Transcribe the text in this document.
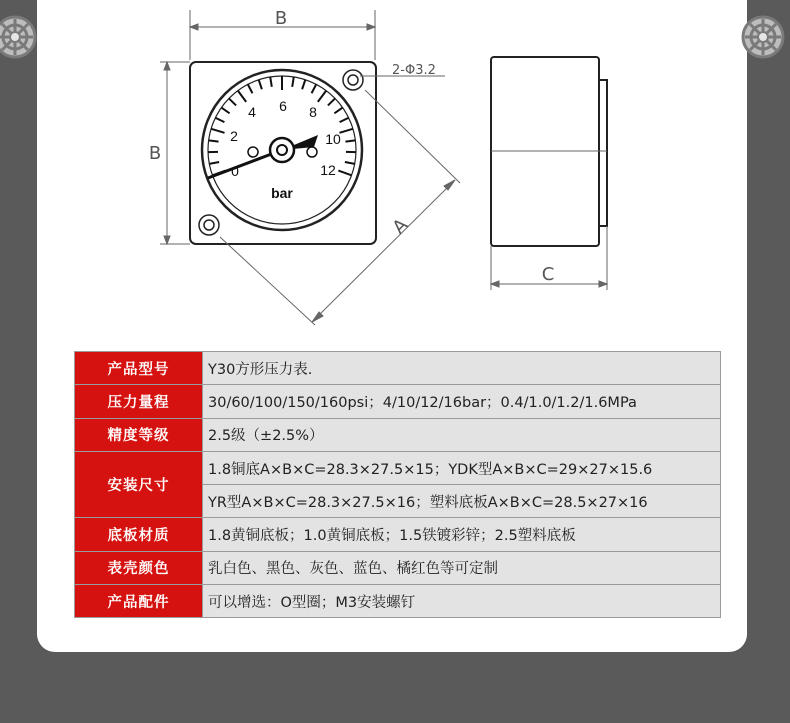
B
B
0
2
4 6 8
10
12
bar
2-Φ3.2
A
C
产品型号	Y30方形压力表.
压力量程	30/60/100/150/160psi；4/10/12/16bar；0.4/1.0/1.2/1.6MPa
精度等级	2.5级（±2.5%）
安装尺寸	1.8铜底A×B×C=28.3×27.5×15；YDK型A×B×C=29×27×15.6
	YR型A×B×C=28.3×27.5×16；塑料底板A×B×C=28.5×27×16
底板材质	1.8黄铜底板；1.0黄铜底板；1.5铁镀彩锌；2.5塑料底板
表壳颜色	乳白色、黑色、灰色、蓝色、橘红色等可定制
产品配件	可以增选：O型圈；M3安装螺钉
